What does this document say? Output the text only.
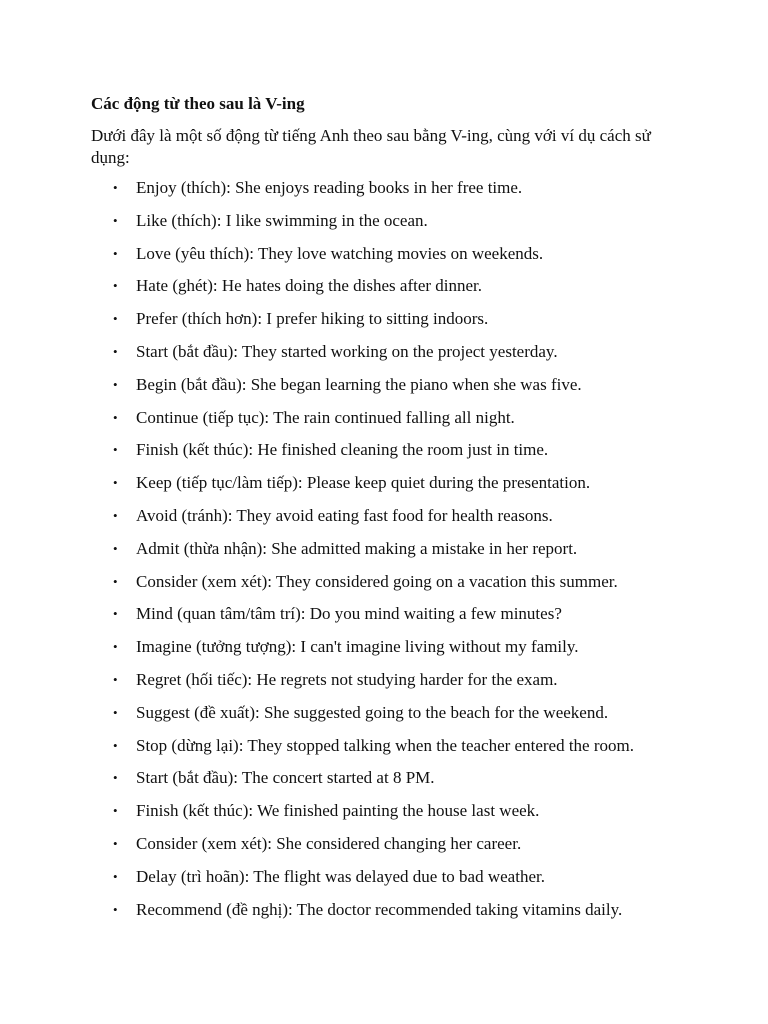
Các động từ theo sau là V-ing
Dưới đây là một số động từ tiếng Anh theo sau bằng V-ing, cùng với ví dụ cách sử dụng:
• Enjoy (thích): She enjoys reading books in her free time.
• Like (thích): I like swimming in the ocean.
• Love (yêu thích): They love watching movies on weekends.
• Hate (ghét): He hates doing the dishes after dinner.
• Prefer (thích hơn): I prefer hiking to sitting indoors.
• Start (bắt đầu): They started working on the project yesterday.
• Begin (bắt đầu): She began learning the piano when she was five.
• Continue (tiếp tục): The rain continued falling all night.
• Finish (kết thúc): He finished cleaning the room just in time.
• Keep (tiếp tục/làm tiếp): Please keep quiet during the presentation.
• Avoid (tránh): They avoid eating fast food for health reasons.
• Admit (thừa nhận): She admitted making a mistake in her report.
• Consider (xem xét): They considered going on a vacation this summer.
• Mind (quan tâm/tâm trí): Do you mind waiting a few minutes?
• Imagine (tưởng tượng): I can't imagine living without my family.
• Regret (hối tiếc): He regrets not studying harder for the exam.
• Suggest (đề xuất): She suggested going to the beach for the weekend.
• Stop (dừng lại): They stopped talking when the teacher entered the room.
• Start (bắt đầu): The concert started at 8 PM.
• Finish (kết thúc): We finished painting the house last week.
• Consider (xem xét): She considered changing her career.
• Delay (trì hoãn): The flight was delayed due to bad weather.
• Recommend (đề nghị): The doctor recommended taking vitamins daily.
